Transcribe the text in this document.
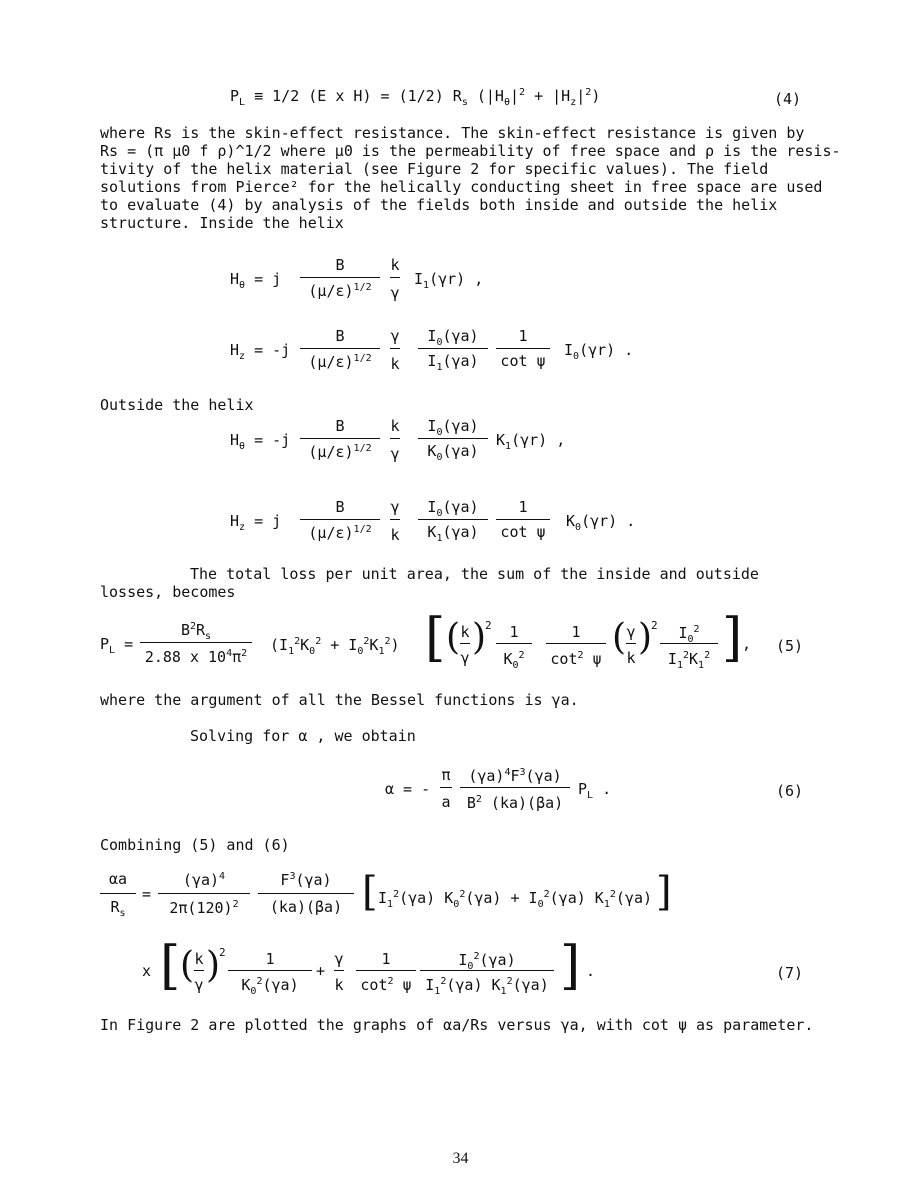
$P_L \equiv 1/2$ (E x H) = (1/2) $R_s$ $(|H_\theta|^2 + |H_z|^2)$	(4)
where Rs is the skin-effect resistance. The skin-effect resistance is given by
Rs = (π μ0 f ρ)^1/2 where μ0 is the permeability of free space and ρ is the resis-
tivity of the helix material (see Figure 2 for specific values). The field
solutions from Pierce² for the helically conducting sheet in free space are used
to evaluate (4) by analysis of the fields both inside and outside the helix
structure. Inside the helix
$H_\theta = j$
B
$(\mu/\varepsilon)^{1/2}$
k
γ
$I_1(\gamma r)$ ,
$H_z = -j$
B
$(\mu/\varepsilon)^{1/2}$
γ
k
$I_0(\gamma a)$
$I_1(\gamma a)$
1
cot ψ
$I_0(\gamma r)$ .
Outside the helix
$H_\theta = -j$
B
$(\mu/\varepsilon)^{1/2}$
k
γ
$I_0(\gamma a)$
$K_0(\gamma a)$
$K_1(\gamma r)$ ,
$H_z = j$
B
$(\mu/\varepsilon)^{1/2}$
γ
k
$I_0(\gamma a)$
$K_1(\gamma a)$
1
cot ψ
$K_0(\gamma r)$ .
The total loss per unit area, the sum of the inside and outside
losses, becomes
$P_L$ =
$B^2R_s$
2.88 x $10^4\pi^2$	$(I_1^2K_0^2 + I_0^2K_1^2)$ [ ( k
γ )
2	1
$K_0^2$
1
$\cot^2 \psi$
( γ
k )
2	$I_0^2$
$I_1^2K_1^2$ ] , (5)
where the argument of all the Bessel functions is γa.
Solving for α , we obtain
α = -
π
a
$(\gamma a)^4F^3(\gamma a)$
$B^2$ (ka)(βa)
$P_L$ .	(6)
Combining (5) and (6)
αa
$R_s$
=
$(\gamma a)^4$
$2\pi(120)^2$
$F^3(\gamma a)$
(ka)(βa) [ $I_1^2(\gamma a) K_0^2(\gamma a) + I_0^2(\gamma a)$ $K_1^2(\gamma a)$ ]
x [ ( k
γ )
2	1
$K_0^2(\gamma a)$
+
γ
k
1
$\cot^2 \psi$
$I_0^2(\gamma a)$
$I_1^2(\gamma a)$ $K_1^2(\gamma a)$ ] .	(7)
In Figure 2 are plotted the graphs of αa/Rs versus γa, with cot ψ as parameter.
34
